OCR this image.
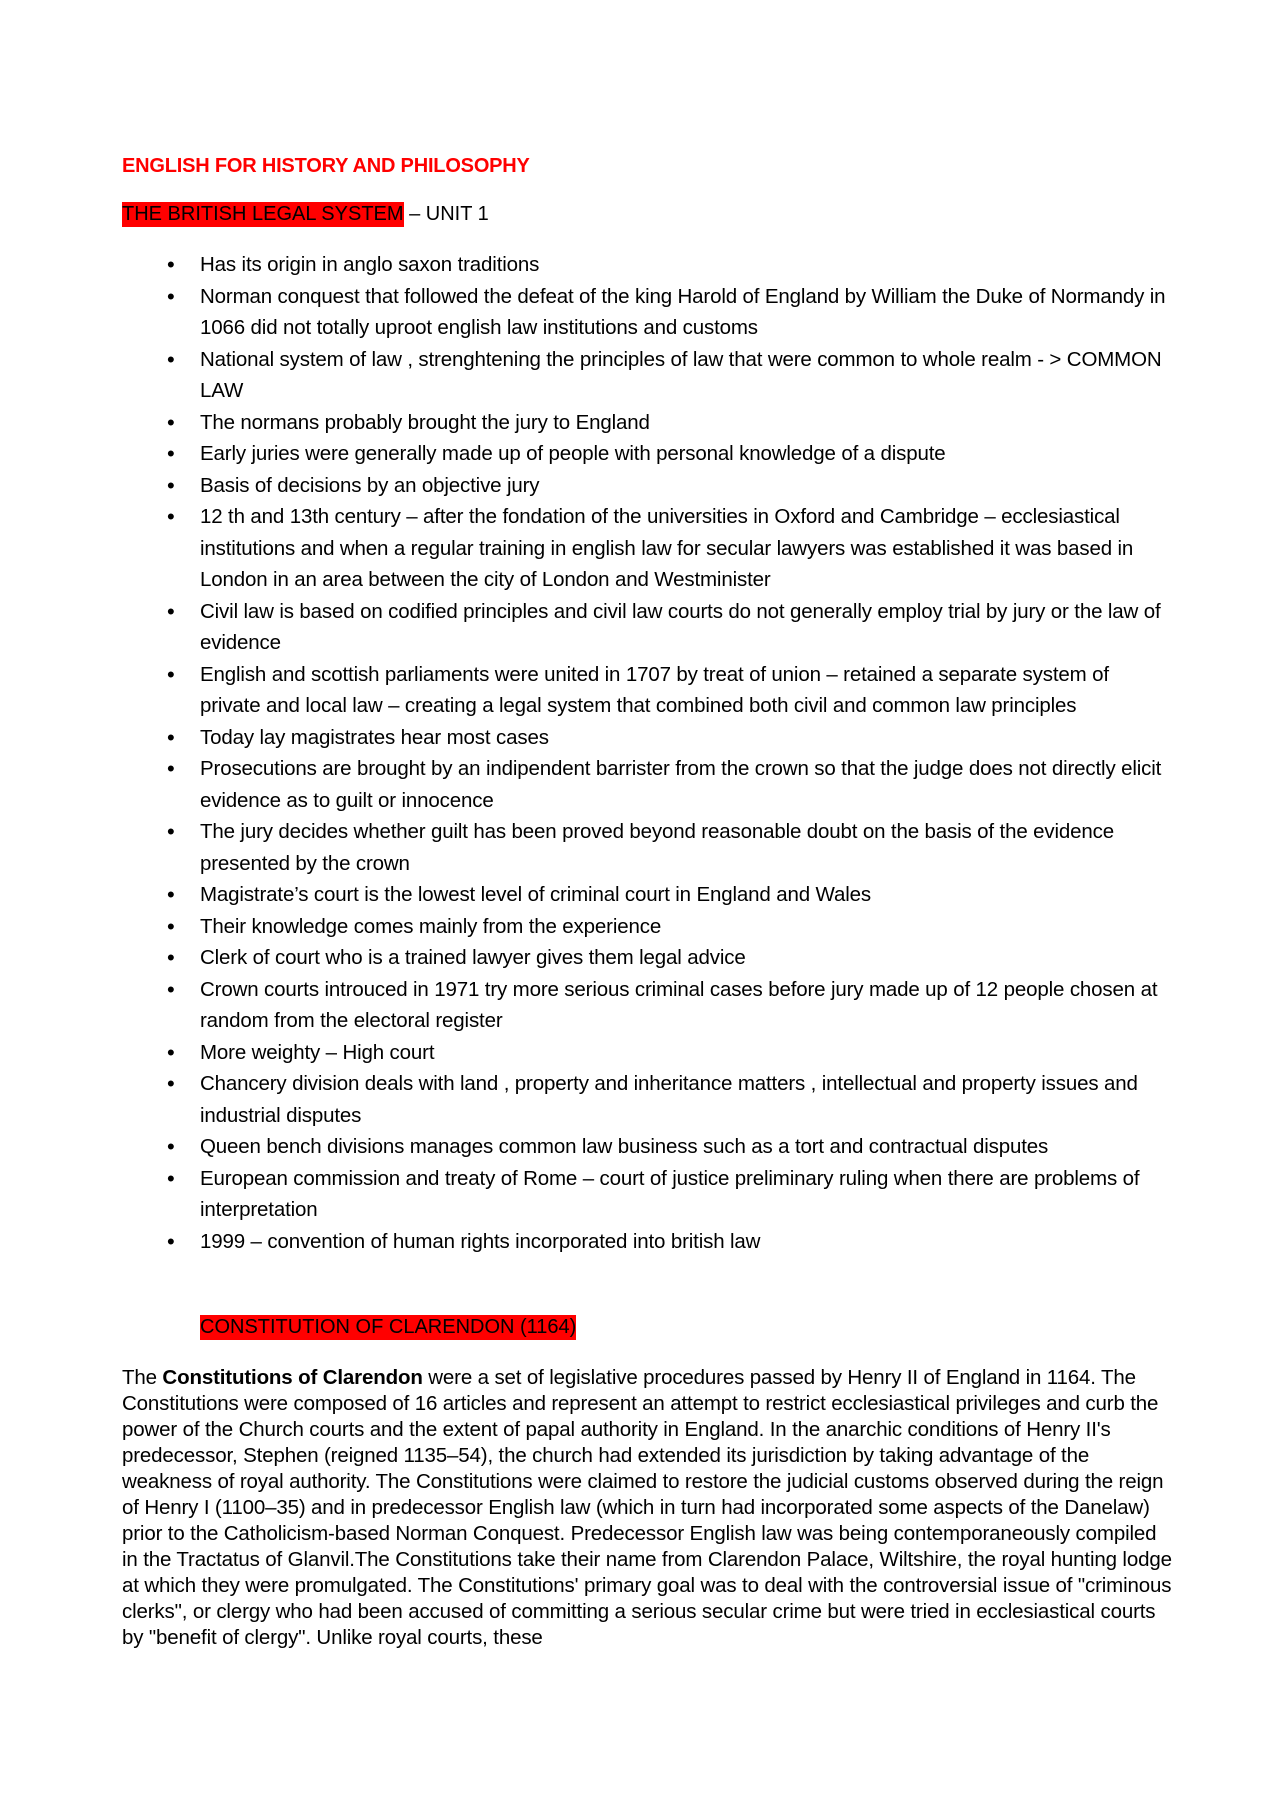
ENGLISH FOR HISTORY AND PHILOSOPHY
THE BRITISH LEGAL SYSTEM – UNIT 1
• Has its origin in anglo saxon traditions
• Norman conquest that followed the defeat of the king Harold of England by William the Duke of Normandy in 1066 did not totally uproot english law institutions and customs
• National system of law , strenghtening the principles of law that were common to whole realm - > COMMON LAW
• The normans probably brought the jury to England
• Early juries were generally made up of people with personal knowledge of a dispute
• Basis of decisions by an objective jury
• 12 th and 13th century – after the fondation of the universities in Oxford and Cambridge – ecclesiastical institutions and when a regular training in english law for secular lawyers was established it was based in London in an area between the city of London and Westminister
• Civil law is based on codified principles and civil law courts do not generally employ trial by jury or the law of evidence
• English and scottish parliaments were united in 1707 by treat of union – retained a separate system of private and local law – creating a legal system that combined both civil and common law principles
• Today lay magistrates hear most cases
• Prosecutions are brought by an indipendent barrister from the crown so that the judge does not directly elicit evidence as to guilt or innocence
• The jury decides whether guilt has been proved beyond reasonable doubt on the basis of the evidence presented by the crown
• Magistrate’s court is the lowest level of criminal court in England and Wales
• Their knowledge comes mainly from the experience
• Clerk of court who is a trained lawyer gives them legal advice
• Crown courts introuced in 1971 try more serious criminal cases before jury made up of 12 people chosen at random from the electoral register
• More weighty – High court
• Chancery division deals with land , property and inheritance matters , intellectual and property issues and industrial disputes
• Queen bench divisions manages common law business such as a tort and contractual disputes
• European commission and treaty of Rome – court of justice preliminary ruling when there are problems of interpretation
• 1999 – convention of human rights incorporated into british law
CONSTITUTION OF CLARENDON (1164)

The Constitutions of Clarendon were a set of legislative procedures passed by Henry II of England in 1164. The Constitutions were composed of 16 articles and represent an attempt to restrict ecclesiastical privileges and curb the power of the Church courts and the extent of papal authority in England. In the anarchic conditions of Henry II's predecessor, Stephen (reigned 1135–54), the church had extended its jurisdiction by taking advantage of the weakness of royal authority. The Constitutions were claimed to restore the judicial customs observed during the reign of Henry I (1100–35) and in predecessor English law (which in turn had incorporated some aspects of the Danelaw) prior to the Catholicism-based Norman Conquest. Predecessor English law was being contemporaneously compiled in the Tractatus of Glanvil.The Constitutions take their name from Clarendon Palace, Wiltshire, the royal hunting lodge at which they were promulgated. The Constitutions' primary goal was to deal with the controversial issue of "criminous clerks", or clergy who had been accused of committing a serious secular crime but were tried in ecclesiastical courts by "benefit of clergy". Unlike royal courts, these
